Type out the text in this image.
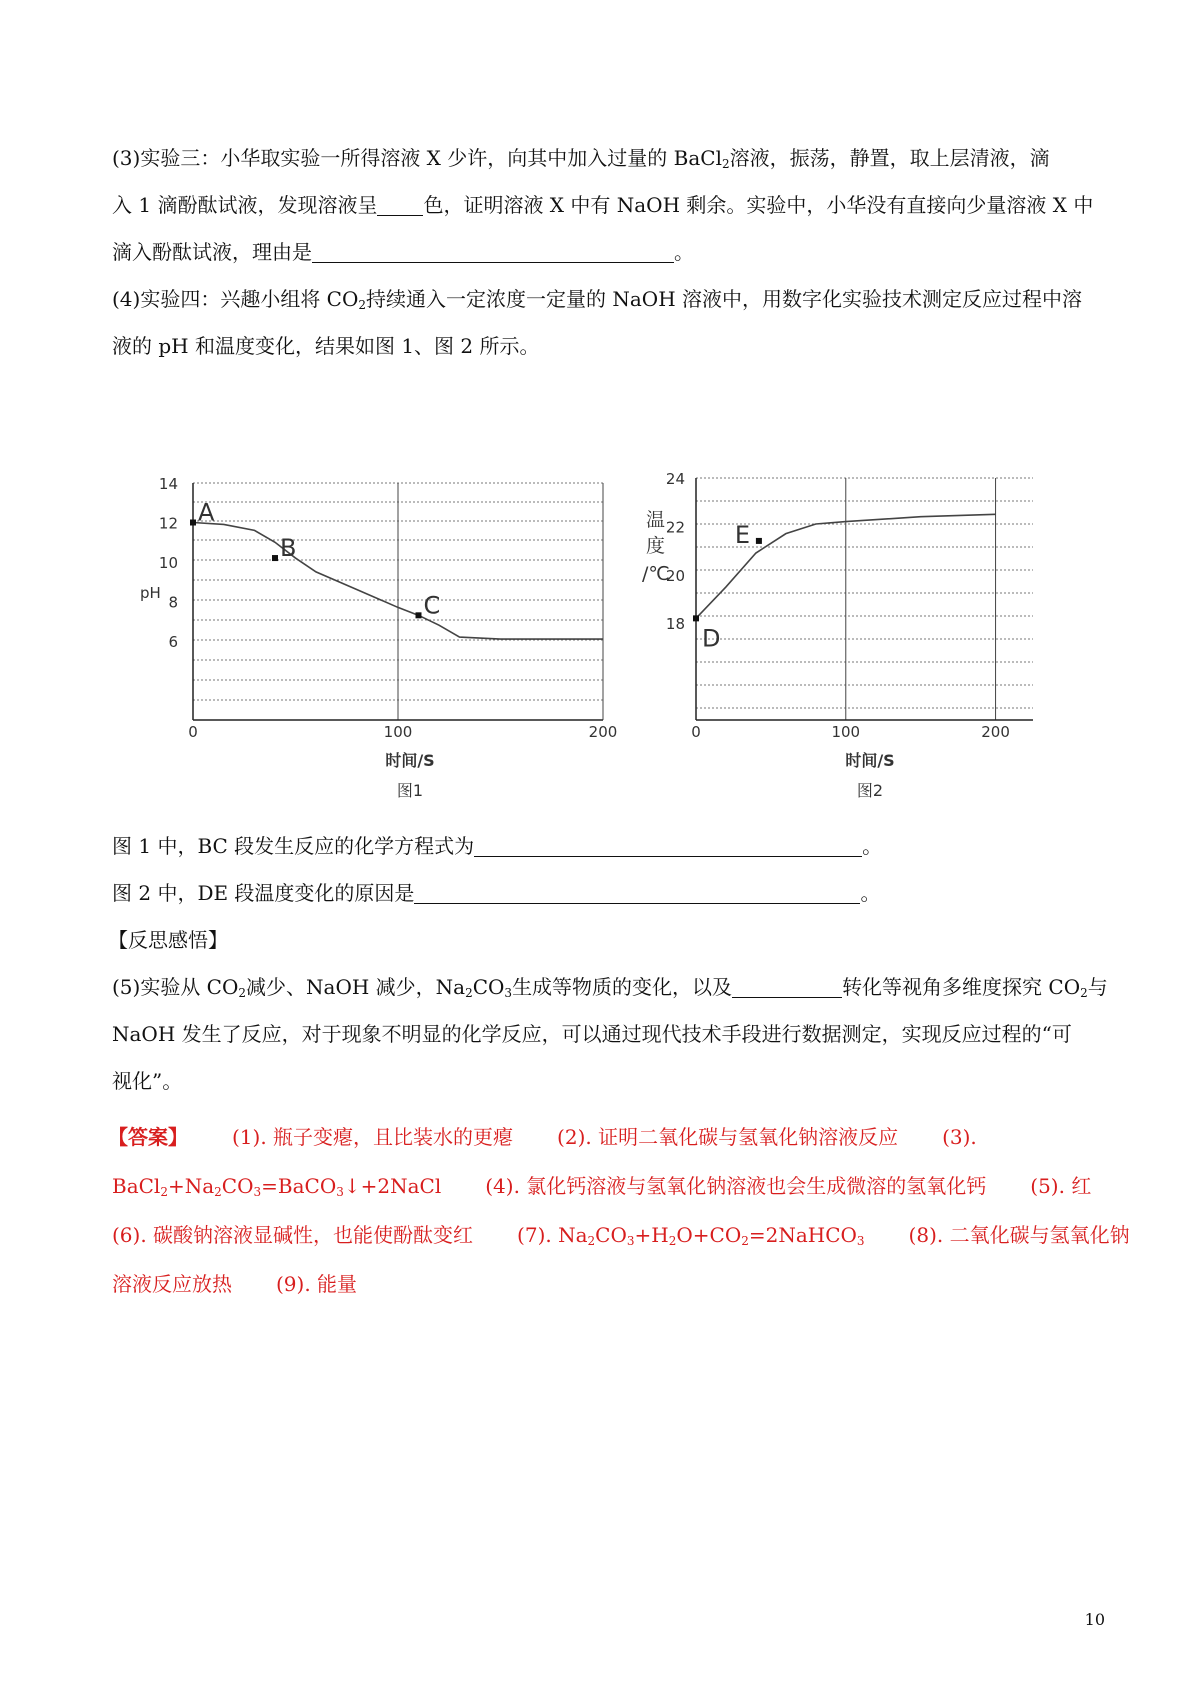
(3)实验三：小华取实验一所得溶液 X 少许，向其中加入过量的 BaCl$_2$溶液，振荡，静置，取上层清液，滴
入 1 滴酚酞试液，发现溶液呈 色，证明溶液 X 中有 NaOH 剩余。实验中，小华没有直接向少量溶液 X 中
滴入酚酞试液，理由是	。
(4)实验四：兴趣小组将 $CO_2$持续通入一定浓度一定量的 NaOH 溶液中，用数字化实验技术测定反应过程中溶
液的 pH 和温度变化，结果如图 1、图 2 所示。
6
8
10
12
14
0	100	200
pH
时间/S
图1
A
B
C
18
20
22
24
0	100	200
温
度
/℃
时间/S
图2
D
E
图 1 中，BC 段发生反应的化学方程式为	。
图 2 中，DE 段温度变化的原因是	。
【反思感悟】
(5)实验从 $CO_2$减少、NaOH 减少，$Na_2CO_3$生成等物质的变化，以及	转化等视角多维度探究 $CO_2$与
NaOH 发生了反应，对于现象不明显的化学反应，可以通过现代技术手段进行数据测定，实现反应过程的“可
视化”。
【答案】 (1). 瓶子变瘪，且比装水的更瘪 (2). 证明二氧化碳与氢氧化钠溶液反应 (3).
$BaCl_2+Na_2CO_3=BaCO_3↓+2NaCl$ (4). 氯化钙溶液与氢氧化钠溶液也会生成微溶的氢氧化钙 (5). 红
(6). 碳酸钠溶液显碱性，也能使酚酞变红 (7). $Na_2CO_3+H_2O+CO_2=2NaHCO_3$ (8). 二氧化碳与氢氧化钠
溶液反应放热 (9). 能量
10
